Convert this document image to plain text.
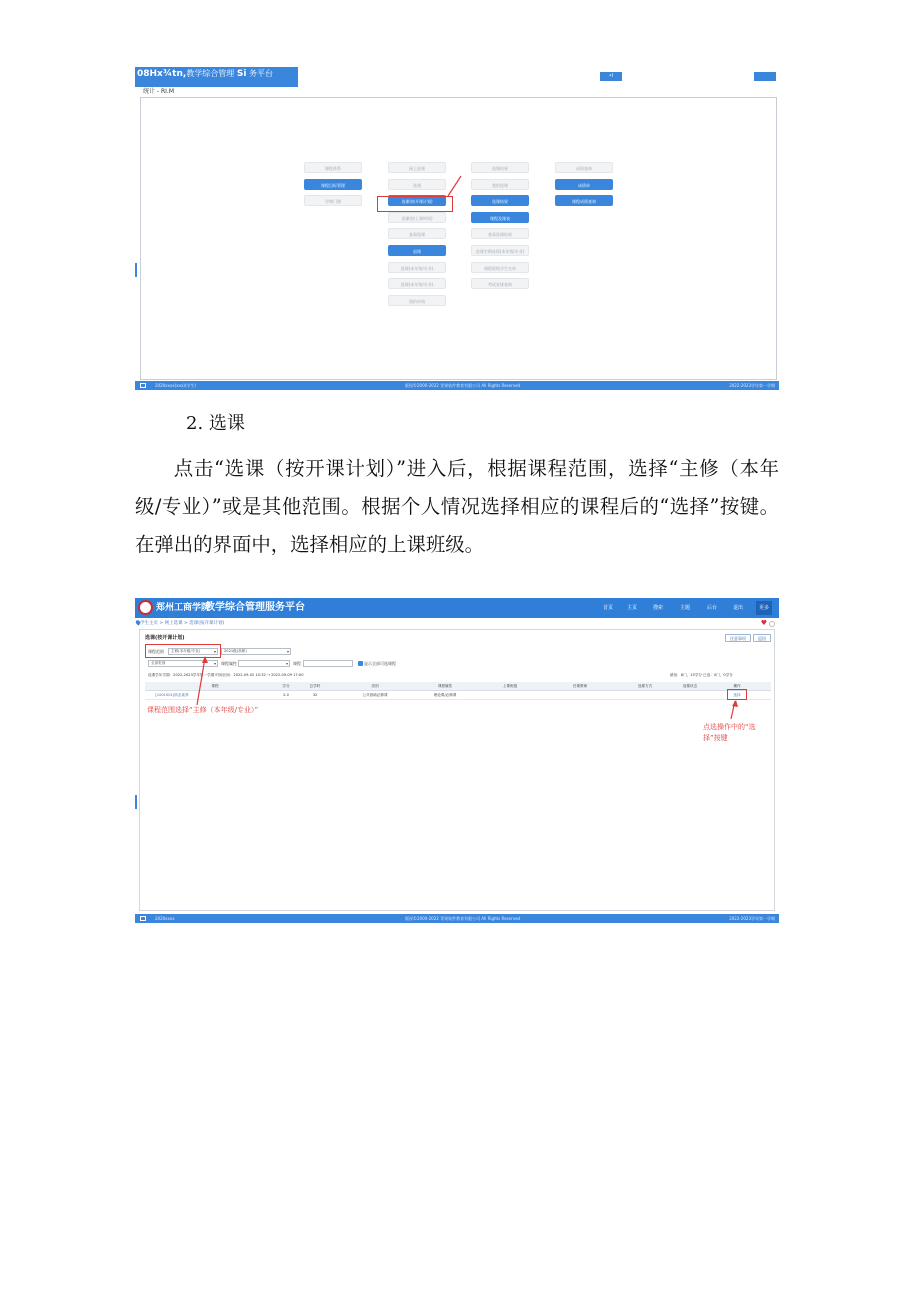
08Hx¾tn,教学综合管理 Si 务平台	•l
统计 - RI.M
课程体系
课程目标管理
学期门课
网上选课
选课
选课(按开课计划)
选课(按上课时间)
查看选课
退课
选课(本年级/专业)
选课(本年级/专业)
预约申请
选课结果
我的选课
选课结果
课程及课表
查看选课结果
选课学期成绩(本年级/专业)
课程班级学生名单
考试安排查询
成绩查询
成绩单
课程成绩查询
2020xxxx(xxx)(学生)	版权©2000-2022 青果软件教育有限公司 All Rights Reserved	2022-2023学年第一学期
2. 选课

点击“选课（按开课计划）”进入后，根据课程范围，选择“主修（本年级/专业）”或是其他范围。根据个人情况选择相应的课程后的“选择”按键。在弹出的界面中，选择相应的上课班级。

郑州工商学院
教学综合管理服务平台	首页	主页	搜索	主题	后台	退出	更多
学生主页 > 网上选课 > 选课(按开课计划)	♥
选课(按开课计划)	注意事项	返回
课程范围	主修(本年级/专业) ▾	2021级(高职) ▾
全部类别 ▾	课程属性
▾	课程	显示全部可选课程
选课学年学期：2022-2023学年第一学期 时间区间：2022-09-02 10:32 → 2022-09-09 17:00	最低：8门，15学分 已选：0门，0学分
课程	学分	总学时	类别	课程属性	上课班级	任课教师	选课方式	选课状态	操作
[1001001]职业素养	2.0	32	公共基础必修课	理论课/必修课	选择
课程范围选择“主修（本年级/专业）”
点选操作中的“选
择”按键
2020xxxx	版权©2000-2022 青果软件教育有限公司 All Rights Reserved	2022-2023学年第一学期
